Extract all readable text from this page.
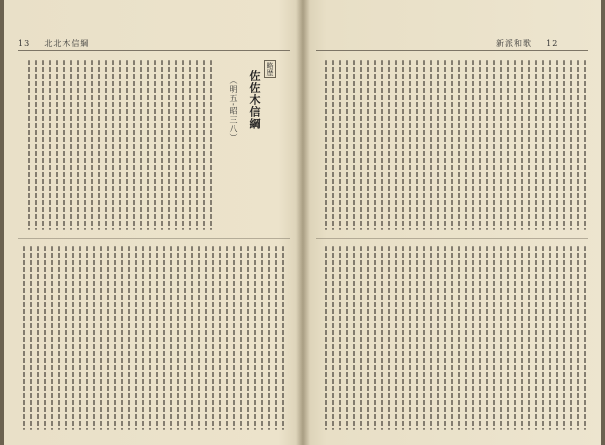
13 北北木信綱	新派和歌 12
佐佐木信綱
（明五-昭三八）
略歴
